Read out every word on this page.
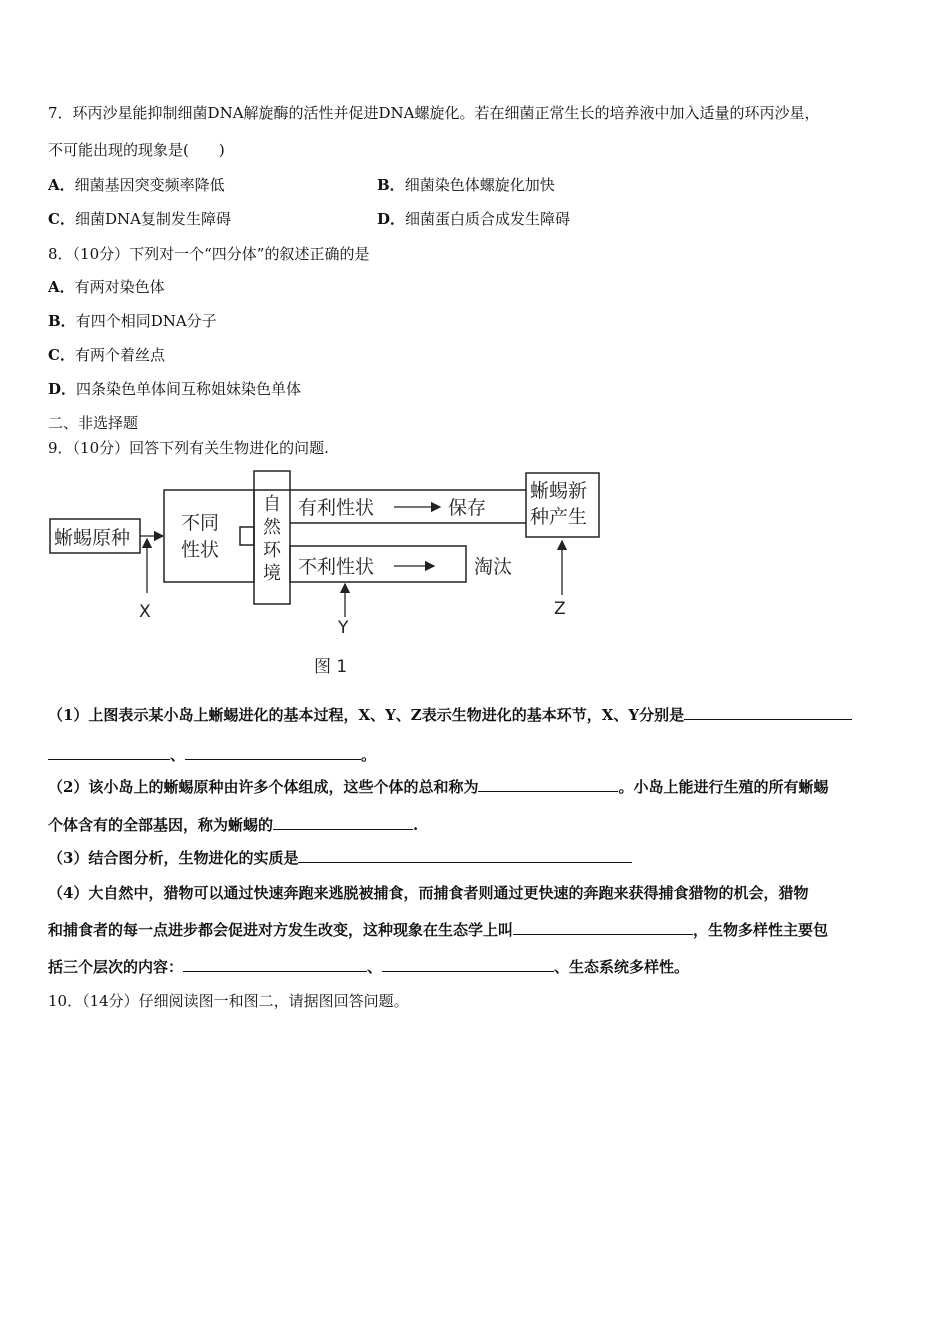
7．环丙沙星能抑制细菌DNA解旋酶的活性并促进DNA螺旋化。若在细菌正常生长的培养液中加入适量的环丙沙星，
不可能出现的现象是(　　)
A．细菌基因突变频率降低	B．细菌染色体螺旋化加快
C．细菌DNA复制发生障碍	D．细菌蛋白质合成发生障碍
8．（10分）下列对一个“四分体”的叙述正确的是
A．有两对染色体
B．有四个相同DNA分子
C．有两个着丝点
D．四条染色单体间互称姐妹染色单体
二、非选择题
9．（10分）回答下列有关生物进化的问题.
蜥蜴原种
不同
性状
自
然
环
境
有利性状	保存
不利性状	淘汰
蜥蜴新
种产生
X
Y
Z
图 1
（1）上图表示某小岛上蜥蜴进化的基本过程，X、Y、Z表示生物进化的基本环节，X、Y分别是
、	。
（2）该小岛上的蜥蜴原种由许多个体组成，这些个体的总和称为	。小岛上能进行生殖的所有蜥蜴
个体含有的全部基因，称为蜥蜴的	.
（3）结合图分析，生物进化的实质是
（4）大自然中，猎物可以通过快速奔跑来逃脱被捕食，而捕食者则通过更快速的奔跑来获得捕食猎物的机会，猎物
和捕食者的每一点进步都会促进对方发生改变，这种现象在生态学上叫	，生物多样性主要包
括三个层次的内容：	、	、生态系统多样性。
10．（14分）仔细阅读图一和图二，请据图回答问题。
